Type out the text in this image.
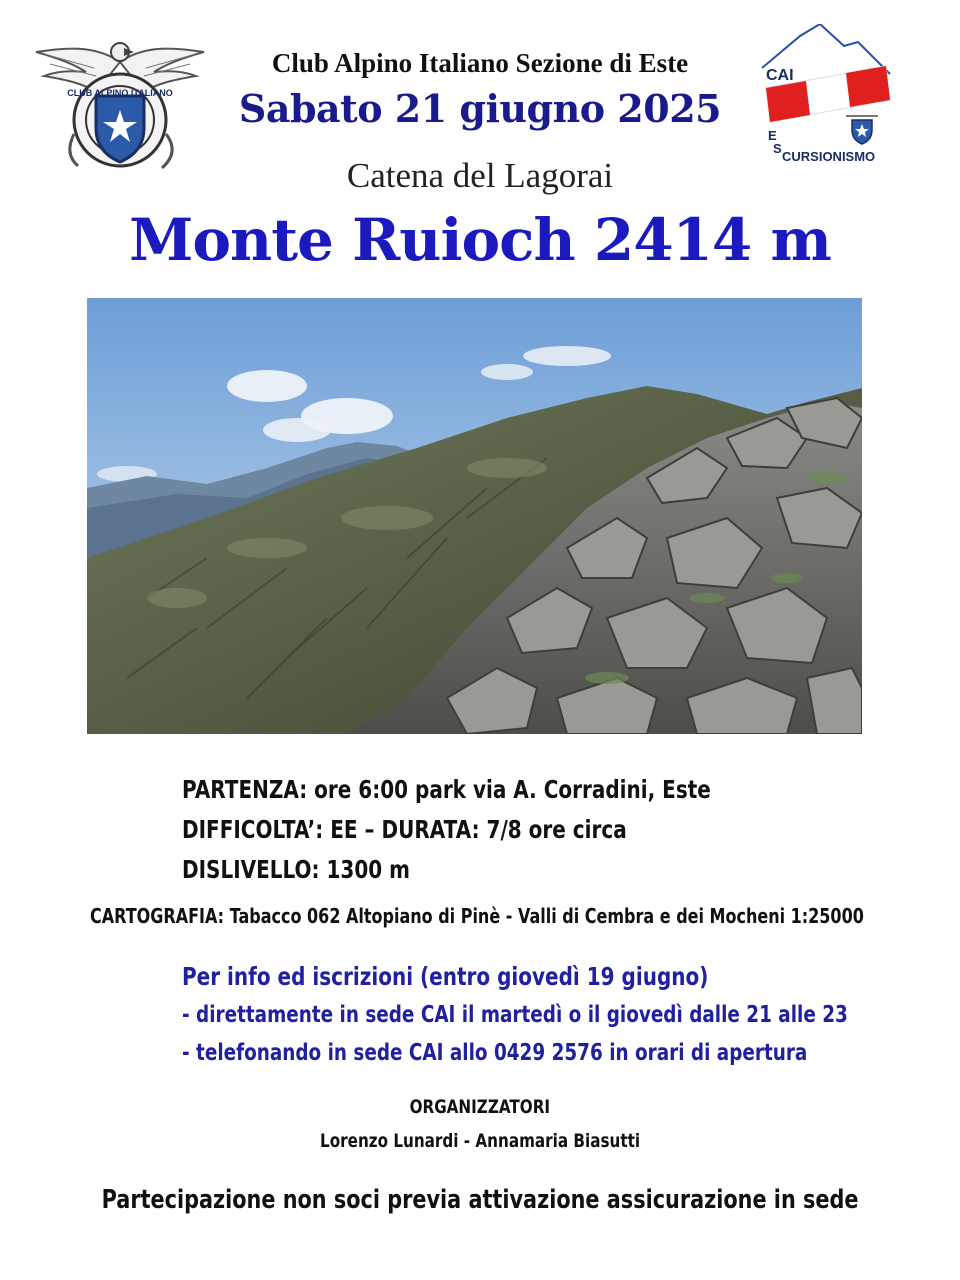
CLUB ALPINO ITALIANO
CAI
E
S
CURSIONISMO
Club Alpino Italiano Sezione di Este
Sabato 21 giugno 2025
Catena del Lagorai
Monte Ruioch 2414 m
PARTENZA: ore 6:00 park via A. Corradini, Este
DIFFICOLTA’: EE – DURATA: 7/8 ore circa
DISLIVELLO: 1300 m
CARTOGRAFIA: Tabacco 062 Altopiano di Pinè - Valli di Cembra e dei Mocheni 1:25000
Per info ed iscrizioni (entro giovedì 19 giugno)
- direttamente in sede CAI il martedì o il giovedì dalle 21 alle 23
- telefonando in sede CAI allo 0429 2576 in orari di apertura
ORGANIZZATORI
Lorenzo Lunardi - Annamaria Biasutti
Partecipazione non soci previa attivazione assicurazione in sede
